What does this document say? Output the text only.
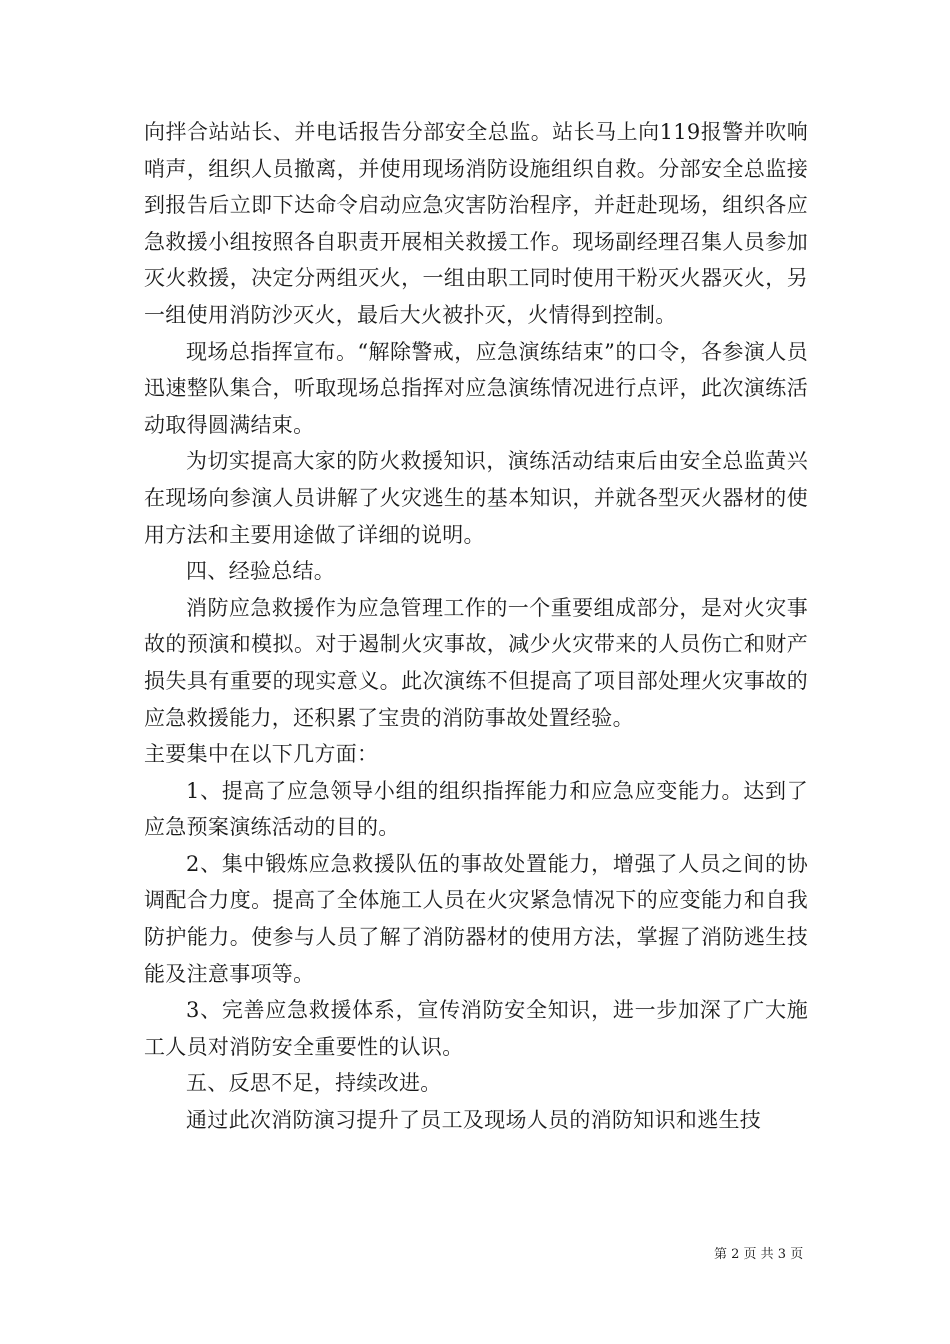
向拌合站站长、并电话报告分部安全总监。站长马上向119报警并吹响哨声，组织人员撤离，并使用现场消防设施组织自救。分部安全总监接到报告后立即下达命令启动应急灾害防治程序，并赶赴现场，组织各应急救援小组按照各自职责开展相关救援工作。现场副经理召集人员参加灭火救援，决定分两组灭火，一组由职工同时使用干粉灭火器灭火，另一组使用消防沙灭火，最后大火被扑灭，火情得到控制。

现场总指挥宣布。“解除警戒，应急演练结束”的口令，各参演人员迅速整队集合，听取现场总指挥对应急演练情况进行点评，此次演练活动取得圆满结束。

为切实提高大家的防火救援知识，演练活动结束后由安全总监黄兴在现场向参演人员讲解了火灾逃生的基本知识，并就各型灭火器材的使用方法和主要用途做了详细的说明。

四、经验总结。

消防应急救援作为应急管理工作的一个重要组成部分，是对火灾事故的预演和模拟。对于遏制火灾事故，减少火灾带来的人员伤亡和财产损失具有重要的现实意义。此次演练不但提高了项目部处理火灾事故的应急救援能力，还积累了宝贵的消防事故处置经验。

主要集中在以下几方面：

1、提高了应急领导小组的组织指挥能力和应急应变能力。达到了应急预案演练活动的目的。

2、集中锻炼应急救援队伍的事故处置能力，增强了人员之间的协调配合力度。提高了全体施工人员在火灾紧急情况下的应变能力和自我防护能力。使参与人员了解了消防器材的使用方法，掌握了消防逃生技能及注意事项等。

3、完善应急救援体系，宣传消防安全知识，进一步加深了广大施工人员对消防安全重要性的认识。

五、反思不足，持续改进。

通过此次消防演习提升了员工及现场人员的消防知识和逃生技

第 2 页 共 3 页
